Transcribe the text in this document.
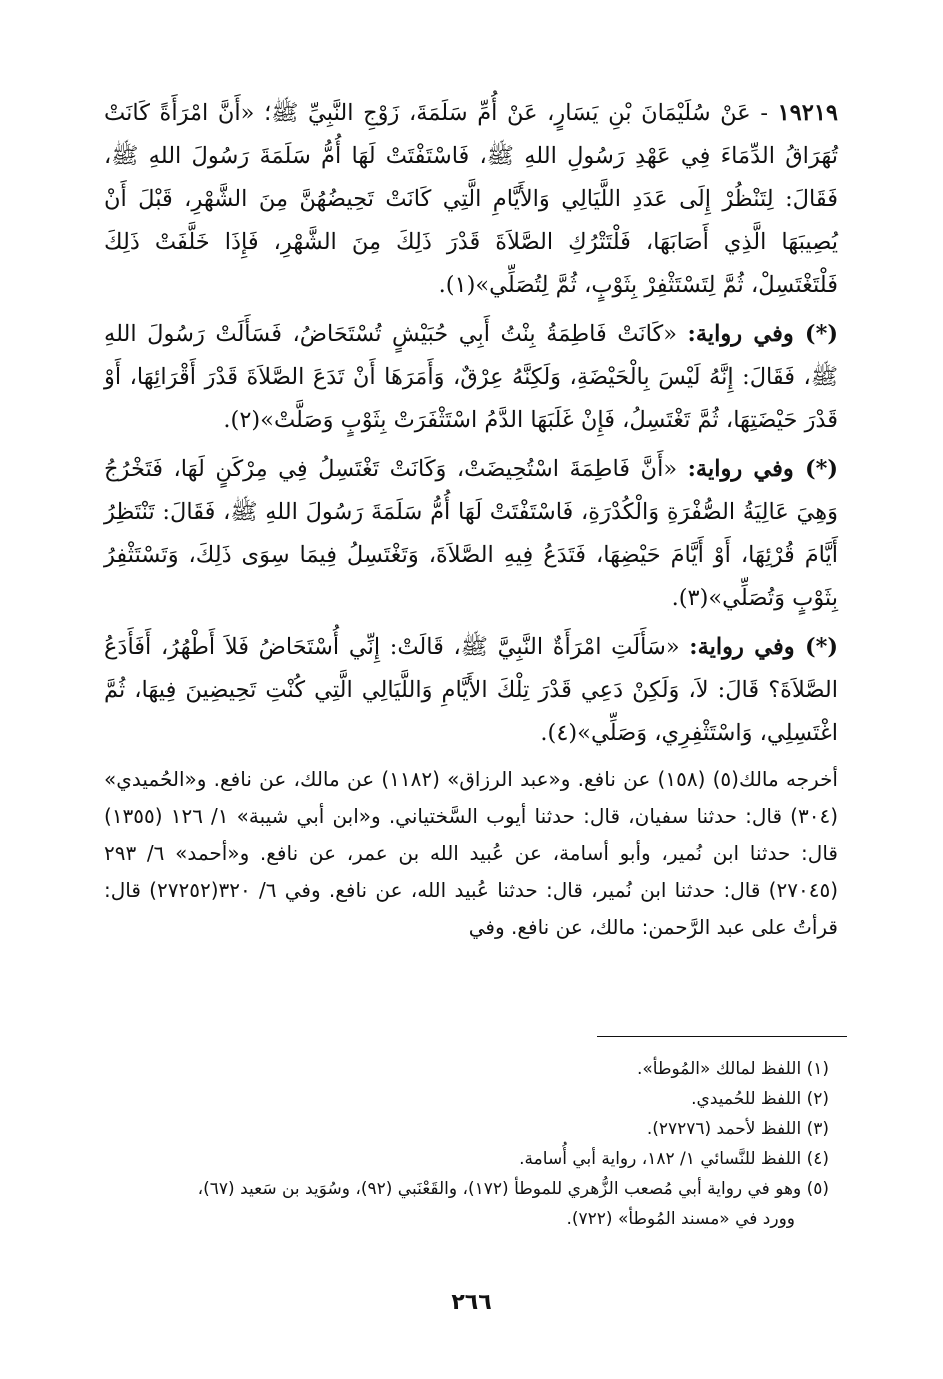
١٩٢١٩ - عَنْ سُلَيْمَانَ بْنِ يَسَارٍ، عَنْ أُمِّ سَلَمَةَ، زَوْجِ النَّبِيِّ ﷺ؛ «أَنَّ امْرَأَةً كَانَتْ تُهَرَاقُ الدِّمَاءَ فِي عَهْدِ رَسُولِ اللهِ ﷺ، فَاسْتَفْتَتْ لَهَا أُمُّ سَلَمَةَ رَسُولَ اللهِ ﷺ، فَقَالَ: لِتَنْظُرْ إِلَى عَدَدِ اللَّيَالِي وَالأَيَّامِ الَّتِي كَانَتْ تَحِيضُهُنَّ مِنَ الشَّهْرِ، قَبْلَ أَنْ يُصِيبَهَا الَّذِي أَصَابَهَا، فَلْتَتْرُكِ الصَّلاَةَ قَدْرَ ذَلِكَ مِنَ الشَّهْرِ، فَإِذَا خَلَّفَتْ ذَلِكَ فَلْتَغْتَسِلْ، ثُمَّ لِتَسْتَثْفِرْ بِثَوْبٍ، ثُمَّ لِتُصَلِّي»(١).

(*) وفي رواية: «كَانَتْ فَاطِمَةُ بِنْتُ أَبِي حُبَيْشٍ تُسْتَحَاضُ، فَسَأَلَتْ رَسُولَ اللهِ ﷺ، فَقَالَ: إِنَّهُ لَيْسَ بِالْحَيْضَةِ، وَلَكِنَّهُ عِرْقٌ، وَأَمَرَهَا أَنْ تَدَعَ الصَّلاَةَ قَدْرَ أَقْرَائِهَا، أَوْ قَدْرَ حَيْضَتِهَا، ثُمَّ تَغْتَسِلُ، فَإِنْ غَلَبَهَا الدَّمُ اسْتَثْفَرَتْ بِثَوْبٍ وَصَلَّتْ»(٢).

(*) وفي رواية: «أَنَّ فَاطِمَةَ اسْتُحِيضَتْ، وَكَانَتْ تَغْتَسِلُ فِي مِرْكَنٍ لَهَا، فَتَخْرُجُ وَهِيَ عَالِيَةُ الصُّفْرَةِ وَالْكُدْرَةِ، فَاسْتَفْتَتْ لَهَا أُمُّ سَلَمَةَ رَسُولَ اللهِ ﷺ، فَقَالَ: تَنْتَظِرُ أَيَّامَ قُرْئِهَا، أَوْ أَيَّامَ حَيْضِهَا، فَتَدَعُ فِيهِ الصَّلاَةَ، وَتَغْتَسِلُ فِيمَا سِوَى ذَلِكَ، وَتَسْتَثْفِرُ بِثَوْبٍ وَتُصَلِّي»(٣).

(*) وفي رواية: «سَأَلَتِ امْرَأَةٌ النَّبِيَّ ﷺ، قَالَتْ: إِنِّي أُسْتَحَاضُ فَلاَ أَطْهُرُ، أَفَأَدَعُ الصَّلاَةَ؟ قَالَ: لاَ، وَلَكِنْ دَعِي قَدْرَ تِلْكَ الأَيَّامِ وَاللَّيَالِي الَّتِي كُنْتِ تَحِيضِينَ فِيهَا، ثُمَّ اغْتَسِلِي، وَاسْتَثْفِرِي، وَصَلِّي»(٤).

أخرجه مالك(٥) (١٥٨) عن نافع. و«عبد الرزاق» (١١٨٢) عن مالك، عن نافع. و«الحُميدي» (٣٠٤) قال: حدثنا سفيان، قال: حدثنا أيوب السَّختياني. و«ابن أبي شيبة» ١/ ١٢٦ (١٣٥٥) قال: حدثنا ابن نُمير، وأبو أسامة، عن عُبيد الله بن عمر، عن نافع. و«أحمد» ٦/ ٢٩٣ (٢٧٠٤٥) قال: حدثنا ابن نُمير، قال: حدثنا عُبيد الله، عن نافع. وفي ٦/ ٣٢٠(٢٧٢٥٢) قال: قرأتُ على عبد الرَّحمن: مالك، عن نافع. وفي

(١) اللفظ لمالك «المُوطأ».

(٢) اللفظ للحُميدي.

(٣) اللفظ لأحمد (٢٧٢٧٦).

(٤) اللفظ للنَّسائي ١/ ١٨٢، رواية أبي أُسامة.

(٥) وهو في رواية أبي مُصعب الزُّهري للموطأ (١٧٢)، والقَعْنَبي (٩٢)، وسُوَيد بن سَعيد (٦٧)،

وورد في «مسند المُوطأ» (٧٢٢).

٢٦٦
